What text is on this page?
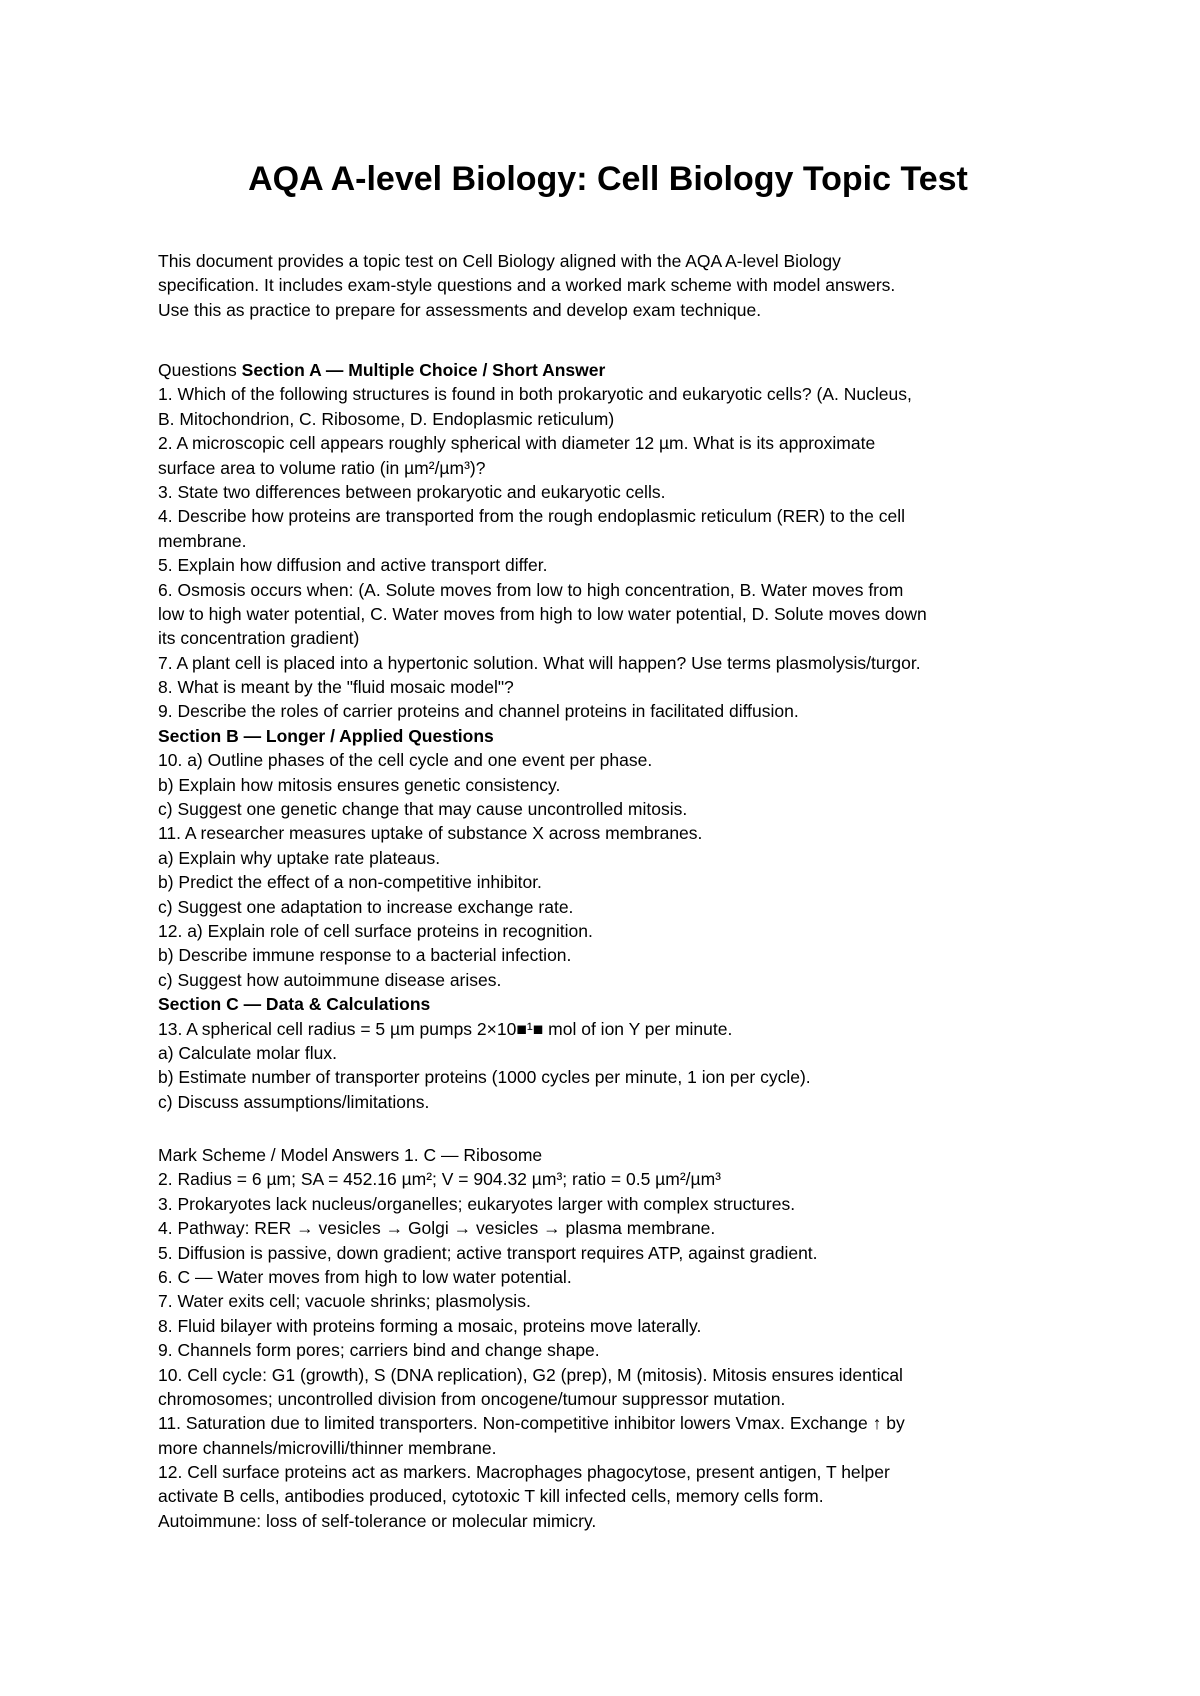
AQA A-level Biology: Cell Biology Topic Test
This document provides a topic test on Cell Biology aligned with the AQA A-level Biology
specification. It includes exam-style questions and a worked mark scheme with model answers.
Use this as practice to prepare for assessments and develop exam technique.
Questions Section A — Multiple Choice / Short Answer
1. Which of the following structures is found in both prokaryotic and eukaryotic cells? (A. Nucleus,
B. Mitochondrion, C. Ribosome, D. Endoplasmic reticulum)
2. A microscopic cell appears roughly spherical with diameter 12 µm. What is its approximate
surface area to volume ratio (in µm²/µm³)?
3. State two differences between prokaryotic and eukaryotic cells.
4. Describe how proteins are transported from the rough endoplasmic reticulum (RER) to the cell
membrane.
5. Explain how diffusion and active transport differ.
6. Osmosis occurs when: (A. Solute moves from low to high concentration, B. Water moves from
low to high water potential, C. Water moves from high to low water potential, D. Solute moves down
its concentration gradient)
7. A plant cell is placed into a hypertonic solution. What will happen? Use terms plasmolysis/turgor.
8. What is meant by the "fluid mosaic model"?
9. Describe the roles of carrier proteins and channel proteins in facilitated diffusion.
Section B — Longer / Applied Questions
10. a) Outline phases of the cell cycle and one event per phase.
b) Explain how mitosis ensures genetic consistency.
c) Suggest one genetic change that may cause uncontrolled mitosis.
11. A researcher measures uptake of substance X across membranes.
a) Explain why uptake rate plateaus.
b) Predict the effect of a non-competitive inhibitor.
c) Suggest one adaptation to increase exchange rate.
12. a) Explain role of cell surface proteins in recognition.
b) Describe immune response to a bacterial infection.
c) Suggest how autoimmune disease arises.
Section C — Data & Calculations
13. A spherical cell radius = 5 µm pumps 2×10■¹■ mol of ion Y per minute.
a) Calculate molar flux.
b) Estimate number of transporter proteins (1000 cycles per minute, 1 ion per cycle).
c) Discuss assumptions/limitations.
Mark Scheme / Model Answers 1. C — Ribosome
2. Radius = 6 µm; SA = 452.16 µm²; V = 904.32 µm³; ratio = 0.5 µm²/µm³
3. Prokaryotes lack nucleus/organelles; eukaryotes larger with complex structures.
4. Pathway: RER → vesicles → Golgi → vesicles → plasma membrane.
5. Diffusion is passive, down gradient; active transport requires ATP, against gradient.
6. C — Water moves from high to low water potential.
7. Water exits cell; vacuole shrinks; plasmolysis.
8. Fluid bilayer with proteins forming a mosaic, proteins move laterally.
9. Channels form pores; carriers bind and change shape.
10. Cell cycle: G1 (growth), S (DNA replication), G2 (prep), M (mitosis). Mitosis ensures identical
chromosomes; uncontrolled division from oncogene/tumour suppressor mutation.
11. Saturation due to limited transporters. Non-competitive inhibitor lowers Vmax. Exchange ↑ by
more channels/microvilli/thinner membrane.
12. Cell surface proteins act as markers. Macrophages phagocytose, present antigen, T helper
activate B cells, antibodies produced, cytotoxic T kill infected cells, memory cells form.
Autoimmune: loss of self-tolerance or molecular mimicry.
